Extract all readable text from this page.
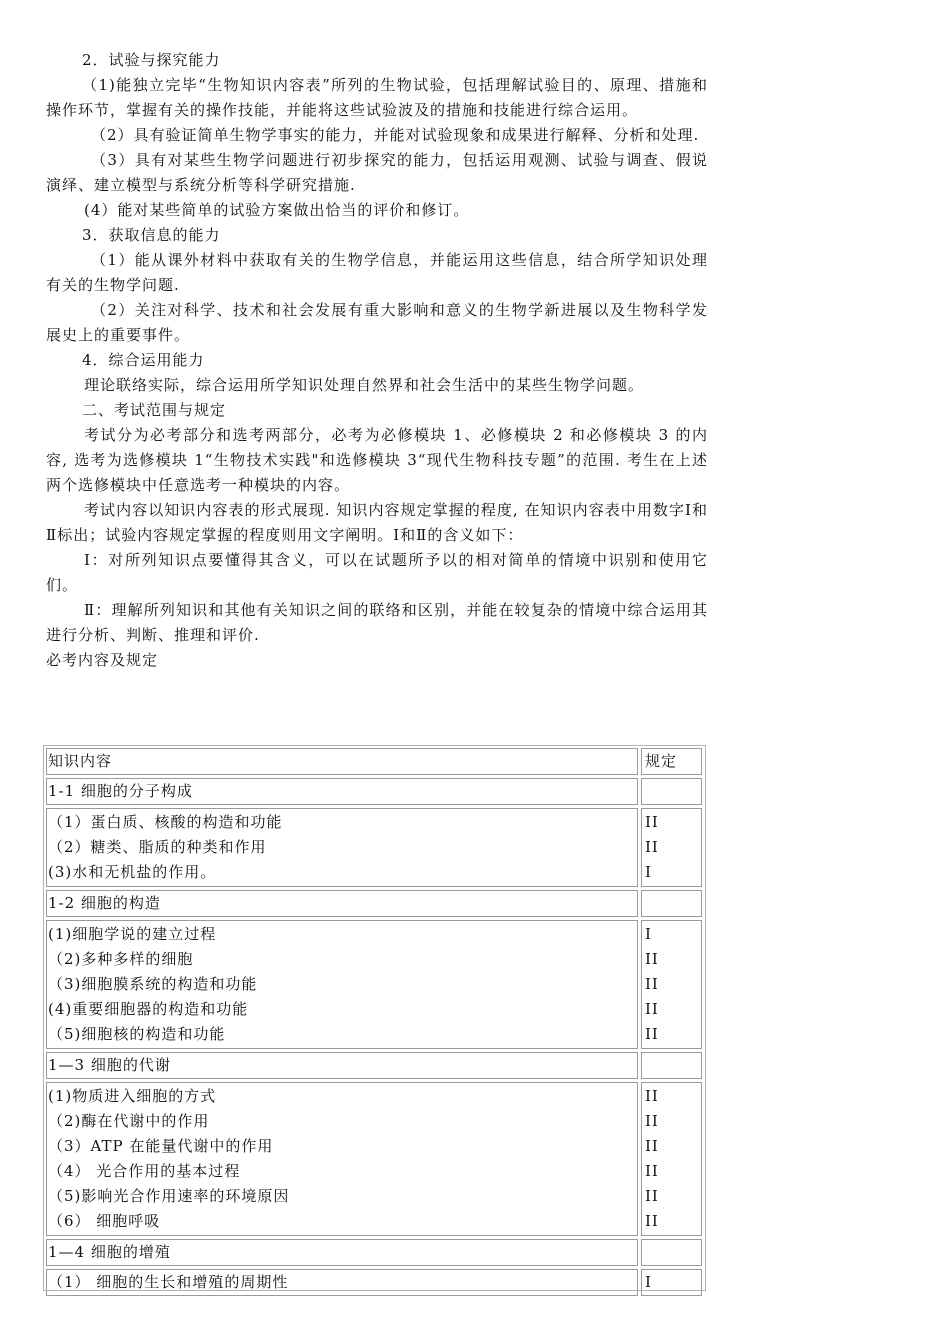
2．试验与探究能力

（1)能独立完毕“生物知识内容表”所列的生物试验，包括理解试验目的、原理、措施和操作环节，掌握有关的操作技能，并能将这些试验波及的措施和技能进行综合运用。

（2）具有验证简单生物学事实的能力，并能对试验现象和成果进行解释、分析和处理.

（3）具有对某些生物学问题进行初步探究的能力，包括运用观测、试验与调查、假说演绎、建立模型与系统分析等科学研究措施.

(4）能对某些简单的试验方案做出恰当的评价和修订。

3．获取信息的能力

（1）能从课外材料中获取有关的生物学信息，并能运用这些信息，结合所学知识处理有关的生物学问题.

（2）关注对科学、技术和社会发展有重大影响和意义的生物学新进展以及生物科学发展史上的重要事件。

4．综合运用能力

理论联络实际，综合运用所学知识处理自然界和社会生活中的某些生物学问题。

二、考试范围与规定

考试分为必考部分和选考两部分，必考为必修模块 1、必修模块 2 和必修模块 3 的内容, 选考为选修模块 1“生物技术实践"和选修模块 3“现代生物科技专题”的范围. 考生在上述两个选修模块中任意选考一种模块的内容。

考试内容以知识内容表的形式展现. 知识内容规定掌握的程度, 在知识内容表中用数字Ⅰ和Ⅱ标出；试验内容规定掌握的程度则用文字阐明。Ⅰ和Ⅱ的含义如下：

Ⅰ：对所列知识点要懂得其含义，可以在试题所予以的相对简单的情境中识别和使用它们。

Ⅱ：理解所列知识和其他有关知识之间的联络和区别，并能在较复杂的情境中综合运用其进行分析、判断、推理和评价.

必考内容及规定

知识内容	规定
1-1 细胞的分子构成
（1）蛋白质、核酸的构造和功能
（2）糖类、脂质的种类和作用
(3)水和无机盐的作用。
II
II
I
1-2 细胞的构造
(1)细胞学说的建立过程
（2)多种多样的细胞
（3)细胞膜系统的构造和功能
(4)重要细胞器的构造和功能
（5)细胞核的构造和功能
I
II
II
II
II
1—3 细胞的代谢
(1)物质进入细胞的方式
（2)酶在代谢中的作用
（3）ATP 在能量代谢中的作用
（4） 光合作用的基本过程
（5)影响光合作用速率的环境原因
（6） 细胞呼吸
II
II
II
II
II
II
1—4 细胞的增殖
（1） 细胞的生长和增殖的周期性	I
